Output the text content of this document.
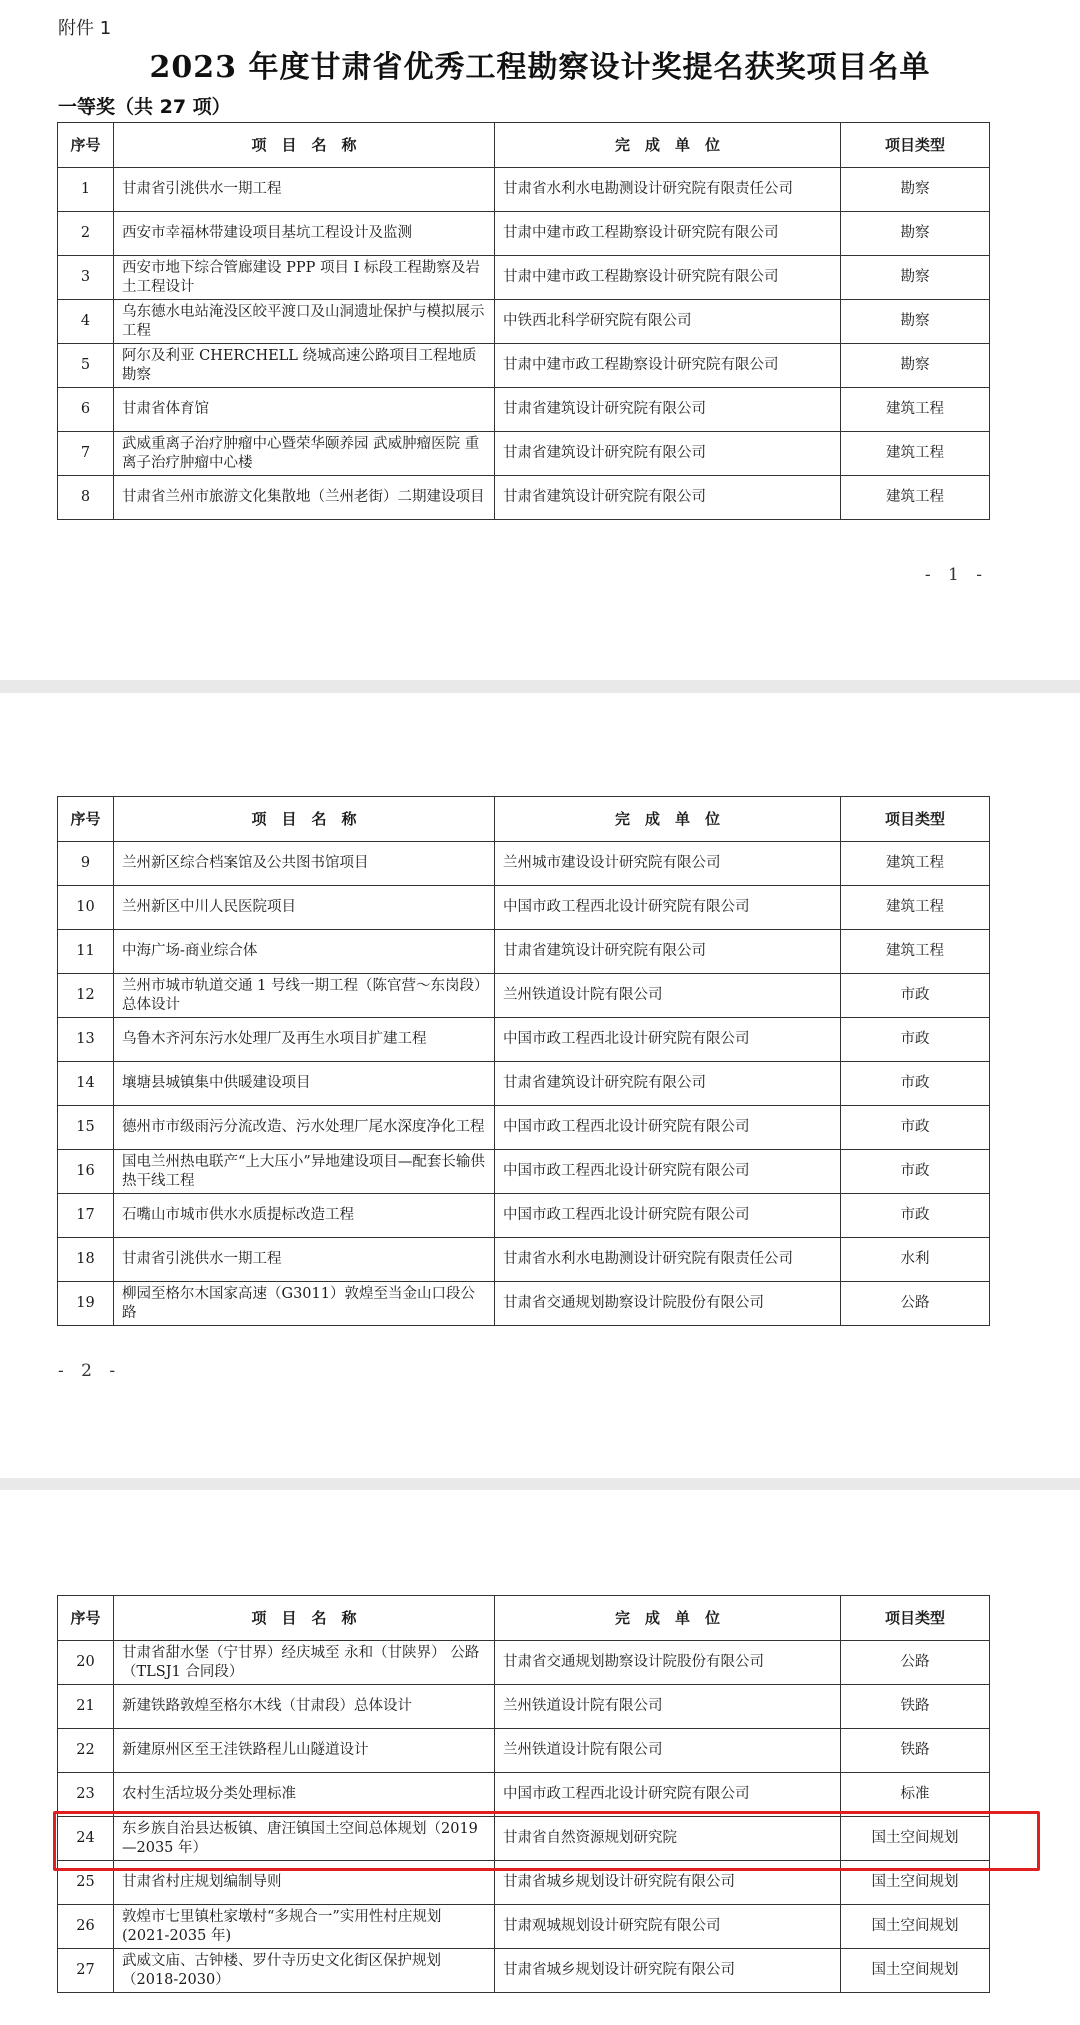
附件 1
2023 年度甘肃省优秀工程勘察设计奖提名获奖项目名单
一等奖（共 27 项）
序号	项　目　名　称	完　成　单　位	项目类型
1	甘肃省引洮供水一期工程	甘肃省水利水电勘测设计研究院有限责任公司	勘察
2	西安市幸福林带建设项目基坑工程设计及监测	甘肃中建市政工程勘察设计研究院有限公司	勘察
3	西安市地下综合管廊建设 PPP 项目 I 标段工程勘察及岩土工程设计	甘肃中建市政工程勘察设计研究院有限公司	勘察
4	乌东德水电站淹没区皎平渡口及山洞遗址保护与模拟展示工程	中铁西北科学研究院有限公司	勘察
5	阿尔及利亚 CHERCHELL 绕城高速公路项目工程地质勘察	甘肃中建市政工程勘察设计研究院有限公司	勘察
6	甘肃省体育馆	甘肃省建筑设计研究院有限公司	建筑工程
7	武威重离子治疗肿瘤中心暨荣华颐养园 武威肿瘤医院 重离子治疗肿瘤中心楼	甘肃省建筑设计研究院有限公司	建筑工程
8	甘肃省兰州市旅游文化集散地（兰州老街）二期建设项目	甘肃省建筑设计研究院有限公司	建筑工程
- 1 -
序号	项　目　名　称	完　成　单　位	项目类型
9	兰州新区综合档案馆及公共图书馆项目	兰州城市建设设计研究院有限公司	建筑工程
10	兰州新区中川人民医院项目	中国市政工程西北设计研究院有限公司	建筑工程
11	中海广场-商业综合体	甘肃省建筑设计研究院有限公司	建筑工程
12	兰州市城市轨道交通 1 号线一期工程（陈官营～东岗段）总体设计	兰州铁道设计院有限公司	市政
13	乌鲁木齐河东污水处理厂及再生水项目扩建工程	中国市政工程西北设计研究院有限公司	市政
14	壤塘县城镇集中供暖建设项目	甘肃省建筑设计研究院有限公司	市政
15	德州市市级雨污分流改造、污水处理厂尾水深度净化工程	中国市政工程西北设计研究院有限公司	市政
16	国电兰州热电联产“上大压小”异地建设项目—配套长输供热干线工程	中国市政工程西北设计研究院有限公司	市政
17	石嘴山市城市供水水质提标改造工程	中国市政工程西北设计研究院有限公司	市政
18	甘肃省引洮供水一期工程	甘肃省水利水电勘测设计研究院有限责任公司	水利
19	柳园至格尔木国家高速（G3011）敦煌至当金山口段公路	甘肃省交通规划勘察设计院股份有限公司	公路
- 2 -
序号	项　目　名　称	完　成　单　位	项目类型
20	甘肃省甜水堡（宁甘界）经庆城至 永和（甘陕界） 公路（TLSJ1 合同段）	甘肃省交通规划勘察设计院股份有限公司	公路
21	新建铁路敦煌至格尔木线（甘肃段）总体设计	兰州铁道设计院有限公司	铁路
22	新建原州区至王洼铁路程儿山隧道设计	兰州铁道设计院有限公司	铁路
23	农村生活垃圾分类处理标准	中国市政工程西北设计研究院有限公司	标准
24	东乡族自治县达板镇、唐汪镇国土空间总体规划（2019—2035 年）	甘肃省自然资源规划研究院	国土空间规划
25	甘肃省村庄规划编制导则	甘肃省城乡规划设计研究院有限公司	国土空间规划
26	敦煌市七里镇杜家墩村“多规合一”实用性村庄规划(2021-2035 年)	甘肃观城规划设计研究院有限公司	国土空间规划
27	武威文庙、古钟楼、罗什寺历史文化街区保护规划（2018-2030）	甘肃省城乡规划设计研究院有限公司	国土空间规划
